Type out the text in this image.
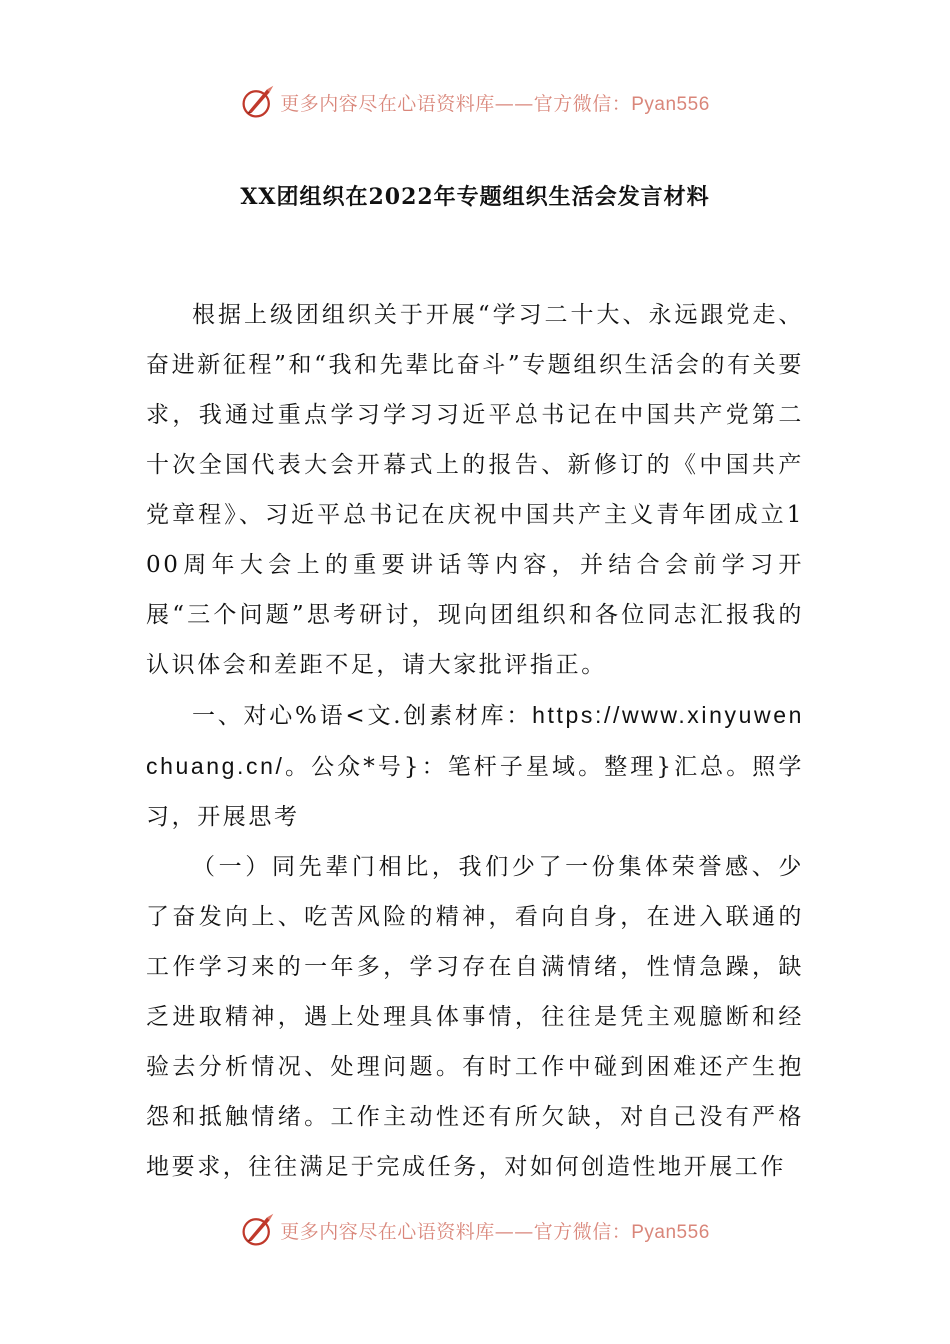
更多内容尽在心语资料库——官方微信：Pyan556
XX团组织在2022年专题组织生活会发言材料

根据上级团组织关于开展“学习二十大、永远跟党走、奋进新征程”和“我和先辈比奋斗”专题组织生活会的有关要求，我通过重点学习学习习近平总书记在中国共产党第二十次全国代表大会开幕式上的报告、新修订的《中国共产党章程》、习近平总书记在庆祝中国共产主义青年团成立100周年大会上的重要讲话等内容，并结合会前学习开展“三个问题”思考研讨，现向团组织和各位同志汇报我的认识体会和差距不足，请大家批评指正。

一、对心%语<文.创素材库：https://www.xinyuwenchuang.cn/。公众*号}：笔杆子星域。整理}汇总。照学习，开展思考

（一）同先辈门相比，我们少了一份集体荣誉感、少了奋发向上、吃苦风险的精神，看向自身，在进入联通的工作学习来的一年多，学习存在自满情绪，性情急躁，缺乏进取精神，遇上处理具体事情，往往是凭主观臆断和经验去分析情况、处理问题。有时工作中碰到困难还产生抱怨和抵触情绪。工作主动性还有所欠缺，对自己没有严格地要求，往往满足于完成任务，对如何创造性地开展工作

更多内容尽在心语资料库——官方微信：Pyan556
